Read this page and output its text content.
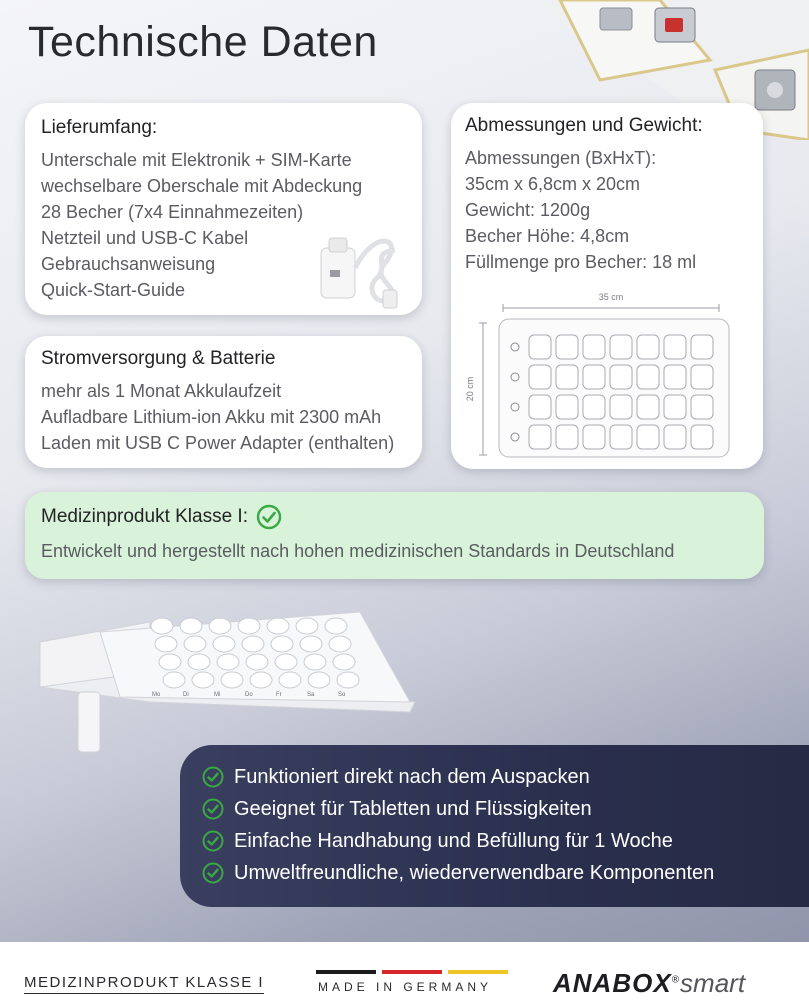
Technische Daten
Lieferumfang:
Unterschale mit Elektronik + SIM-Karte
wechselbare Oberschale mit Abdeckung
28 Becher (7x4 Einnahmezeiten)
Netzteil und USB-C Kabel
Gebrauchsanweisung
Quick-Start-Guide
Stromversorgung & Batterie
mehr als 1 Monat Akkulaufzeit
Aufladbare Lithium-ion Akku mit 2300 mAh
Laden mit USB C Power Adapter (enthalten)
Abmessungen und Gewicht:
Abmessungen (BxHxT):
35cm x 6,8cm x 20cm
Gewicht: 1200g
Becher Höhe: 4,8cm
Füllmenge pro Becher: 18 ml
35 cm
20 cm
Medizinprodukt Klasse I:
Entwickelt und hergestellt nach hohen medizinischen Standards in Deutschland
Mo	Di	Mi	Do	Fr	Sa	So
Funktioniert direkt nach dem Auspacken
Geeignet für Tabletten und Flüssigkeiten
Einfache Handhabung und Befüllung für 1 Woche
Umweltfreundliche, wiederverwendbare Komponenten
MEDIZINPRODUKT KLASSE I	MADE IN GERMANY ANABOX®smart
